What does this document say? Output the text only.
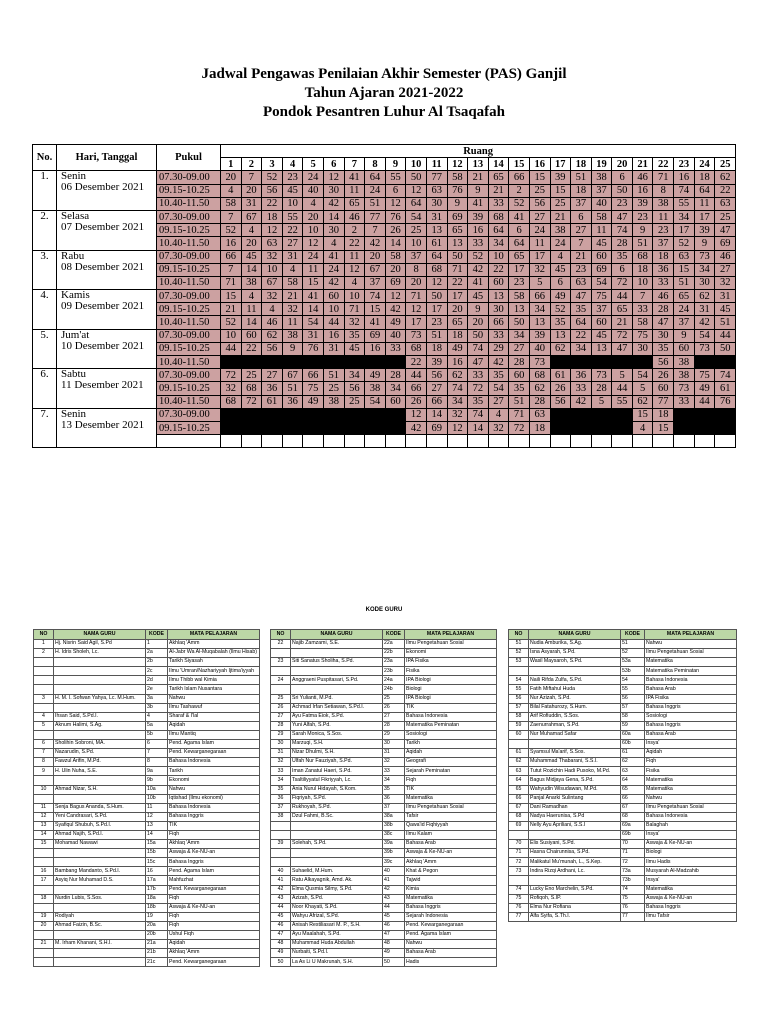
Jadwal Pengawas Penilaian Akhir Semester (PAS) Ganjil
Tahun Ajaran 2021-2022
Pondok Pesantren Luhur Al Tsaqafah
No.	Hari, Tanggal	Pukul	Ruang																								
			1	2	3	4	5	6	7	8	9	10	11	12	13	14	15	16	17	18	19	20	21	22	23	24	25
1.	Senin
06 Desember 2021	07.30-09.00	20	7	52	23	24	12	41	64	55	50	77	58	21	65	66	15	39	51	38	6	46	71	16	18	62
		09.15-10.25	4	20	56	45	40	30	11	24	6	12	63	76	9	21	2	25	15	18	37	50	16	8	74	64	22
		10.40-11.50	58	31	22	10	4	42	65	51	12	64	30	9	41	33	52	56	25	37	40	23	39	38	55	11	63
2.	Selasa
07 Desember 2021	07.30-09.00	7	67	18	55	20	14	46	77	76	54	31	69	39	68	41	27	21	6	58	47	23	11	34	17	25
		09.15-10.25	52	4	12	22	10	30	2	7	26	25	13	65	16	64	6	24	38	27	11	74	9	23	17	39	47
		10.40-11.50	16	20	63	27	12	4	22	42	14	10	61	13	33	34	64	11	24	7	45	28	51	37	52	9	69
3.	Rabu
08 Desember 2021	07.30-09.00	66	45	32	31	24	41	11	20	58	37	64	50	52	10	65	17	4	21	60	35	68	18	63	73	46
		09.15-10.25	7	14	10	4	11	24	12	67	20	8	68	71	42	22	17	32	45	23	69	6	18	36	15	34	27
		10.40-11.50	71	38	67	58	15	42	4	37	69	20	12	22	41	60	23	5	6	63	54	72	10	33	51	30	32
4.	Kamis
09 Desember 2021	07.30-09.00	15	4	32	21	41	60	10	74	12	71	50	17	45	13	58	66	49	47	75	44	7	46	65	62	31
		09.15-10.25	21	11	4	32	14	10	71	15	42	12	17	20	9	30	13	34	52	35	37	65	33	28	24	31	45
		10.40-11.50	52	14	46	11	54	44	32	41	49	17	23	65	20	66	50	13	35	64	60	21	58	47	37	42	51
5.	Jum'at
10 Desember 2021	07.30-09.00	10	60	62	38	31	16	35	69	40	73	51	18	50	33	34	39	13	22	45	72	75	30	9	54	44
		09.15-10.25	44	22	56	9	76	31	45	16	33	68	18	49	74	29	27	40	62	34	13	47	30	35	60	73	50
		10.40-11.50										22	39	16	47	42	28	73						56	38		
6.	Sabtu
11 Desember 2021	07.30-09.00	72	25	27	67	66	51	34	49	28	44	56	62	33	35	60	68	61	36	73	5	54	26	38	75	74
		09.15-10.25	32	68	36	51	75	25	56	38	34	66	27	74	72	54	35	62	26	33	28	44	5	60	73	49	61
		10.40-11.50	68	72	61	36	49	38	25	54	60	26	66	34	35	27	51	28	56	42	5	55	62	77	33	44	76
7.	Senin
13 Desember 2021	07.30-09.00										12	14	32	74	4	71	63					15	18			
		09.15-10.25										42	69	12	14	32	72	18					4	15			

KODE GURU
NO	NAMA GURU	KODE	MATA PELAJARAN
1	Hj. Nisrin Said Agil, S.Pd	1	Akhlaq 'Amm
2	H. Idris Sholeh, Lc.	2a	Al-Jabr Wa Al-Muqabalah (Ilmu Hisab)
		2b	Tarikh Siyasah
		2c	Ilmu 'Umran/Nazhariyyah Ijtima'iyyah
		2d	Ilmu Thibb wal Kimia
		2e	Tarikh Islam Nusantara
3	H. M. I. Sofwan Yahya, Lc. M.Hum.	3a	Nahwu
		3b	Ilmu Tashawuf
4	Ihsan Said, S.Pd.I.	4	Sharaf & I'lal
5	Aknum Halimi, S.Ag.	5a	Aqidah
		5b	Ilmu Mantiq
6	Sholihin Sobroni, MA.	6	Pend. Agama Islam
7	Nazarudin, S.Pd.	7	Pend. Kewarganegaraan
8	Fawzul Arifin, M.Pd.	8	Bahasa Indonesia
9	H. Ulin Nuha, S.E.	9a	Tarikh
		9b	Ekonomi
10	Ahmad Nizar, S.H.	10a	Nahwu
		10b	Iqtishad (Ilmu ekonomi)
11	Senja Bagus Ananda, S.Hum.	11	Bahasa Indonesia
12	Yeni Candrasari, S.Pd.	12	Bahasa Inggris
13	Syafiqul Shubuh, S.Pd.I.	13	TIK
14	Ahmad Najih, S.Pd.I.	14	Fiqh
15	Mohamad Nawawi	15a	Akhlaq 'Amm
		15b	Aswaja & Ke-NU-an
		15c	Bahasa Inggris
16	Bambang Mandanto, S.Pd.I.	16	Pend. Agama Islam
17	Asyiq Nur Muhamad D.S.	17a	Mahfuzhat
		17b	Pend. Kewarganegaraan
18	Nurdin Lubis, S.Sos.	18a	Fiqh
		18b	Aswaja & Ke-NU-an
19	Rodiyah	19	Fiqh
20	Ahmad Faizin, B.Sc.	20a	Fiqh
		20b	Ushul Fiqh
21	M. Irham Khanani, S.H.I.	21a	Aqidah
		21b	Akhlaq 'Amm
		21c	Pend. Kewarganegaraan
NO	NAMA GURU	KODE	MATA PELAJARAN
22	Najib Zamzami, S.E.	22a	Ilmu Pengetahuan Sosial
		22b	Ekonomi
23	Siti Sanatus Sholiha, S.Pd.	23a	IPA Fisika
		23b	Fisika
24	Anggraeni Puspitasari, S.Pd.	24a	IPA Biologi
		24b	Biologi
25	Sri Yulianti, M.Pd.	25	IPA Biologi
26	Achmad Irfan Setiawan, S.Pd.I.	26	TIK
27	Ayu Fatma Eiok, S.Pd.	27	Bahasa Indonesia
28	Yuni Alfah, S.Pd.	28	Matematika Peminatan
29	Sarah Monica, S.Sos.	29	Sosiologi
30	Marzuqi, S.H.	30	Tarikh
31	Nizar Dhulmi, S.H.	31	Aqidah
32	Ulfah Nur Fauziyah, S.Pd.	32	Geografi
33	Iman Zanatul Haeri, S.Pd.	33	Sejarah Peminatan
34	Tsaltiliyyatul Fikriyyah, Lc.	34	Fiqh
35	Ania Nurul Hidayah, S.Kom.	35	TIK
36	Fiqriyah, S.Pd.	36	Matematika
37	Rukhoyah, S.Pd.	37	Ilmu Pengetahuan Sosial
38	Dzul Fahmi, B.Sc.	38a	Tafsir
		38b	Qawa'id Fiqhiyyah
		38c	Ilmu Kalam
39	Solehah, S.Pd.	39a	Bahasa Arab
		39b	Aswaja & Ke-NU-an
		39c	Akhlaq 'Amm
40	Suhaelid, M.Hum.	40	Khat & Pegon
41	Ratu Alkayagnik, Amd. Ak.	41	Tajwid
42	Elma Qusmia Silmy, S.Pd.	42	Kimia
43	Azizah, S.Pd.	43	Matematika
44	Noor Khayati, S.Pd.	44	Bahasa Inggris
45	Wahyu Afrizal, S.Pd.	45	Sejarah Indonesia
46	Anisah Restiliasari M. P., S.H.	46	Pend. Kewarganegaraan
47	Ayu Maalahah, S.Pd.	47	Pend. Agama Islam
48	Muhammad Huda Abdullah	48	Nahwu
49	Nurbaiti, S.Pd.I.	49	Bahasa Arab
50	La As Li U Makrunah, S.H.	50	Hadis
NO	NAMA GURU	KODE	MATA PELAJARAN
51	Nudia Amburika, S.Ag.	51	Nahwu
52	Isna Asyarah, S.Pd.	52	Ilmu Pengetahuan Sosial
53	Wasil Maysaroh, S.Pd.	53a	Matematika
		53b	Matematika Peminatan
54	Naili Rifda Zulfa, S.Pd.	54	Bahasa Indonesia
55	Fatih Miftahul Huda	55	Bahasa Arab
56	Nur Azizah, S.Pd.	56	IPA Fisika
57	Bilal Fatahurozy, S.Hum.	57	Bahasa Inggris
58	Arif Rofiuddin, S.Sos.	58	Sosiologi
59	Zaenurrahman, S.Pd.	59	Bahasa Inggris
60	Nur Muhamad Safar	60a	Bahasa Arab
		60b	Insya'
61	Syamsul Ma'arif, S.Sos.	61	Aqidah
62	Muhammad Thabarani, S.S.I.	62	Fiqh
63	Tutut Rozichin Hadi Pusoko, M.Pd.	63	Fisika
64	Bagus Midjaya Gena, S.Pd.	64	Matematika
65	Wahyudin Wisudawan, M.Pd.	65	Matematika
66	Panjal Anarki Sulintang	66	Nahwu
67	Dani Ramadhan	67	Ilmu Pengetahuan Sosial
68	Nadya Haerunisa, S.Pd	68	Bahasa Indonesia
69	Nelly Ayu Apriliani, S.S.I	69a	Balaghah
		69b	Insya'
70	Elis Susiyani, S.Pd.	70	Aswaja & Ke-NU-an
71	Hasna Chairunnisa, S.Pd.	71	Biologi
72	Malikatul Mu'munah, L., S.Kep.	72	Ilmu Hadis
73	Indira Rizqi Ardhani, Lc.	73a	Musyarah Al-Madzahib
		73b	Insya'
74	Lucky Eno Marchelin, S.Pd.	74	Matematika
75	Rofiqoh, S.IP.	75	Aswaja & Ke-NU-an
76	Elma Nur Rofiana	76	Bahasa Inggris
77	Alfa Syifa, S.Th.I.	77	Ilmu Tafsir
